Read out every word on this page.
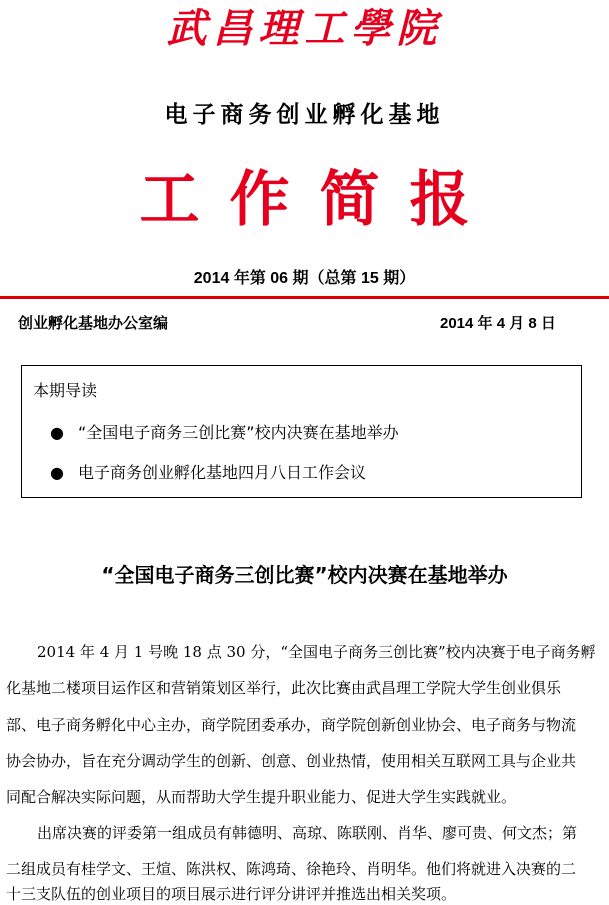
武昌理工學院
电子商务创业孵化基地
工作简报
2014 年第 06 期（总第 15 期）
创业孵化基地办公室编	2014 年 4 月 8 日
本期导读
● “全国电子商务三创比赛”校内决赛在基地举办
● 电子商务创业孵化基地四月八日工作会议
“全国电子商务三创比赛”校内决赛在基地举办
2014 年 4 月 1 号晚 18 点 30 分，“全国电子商务三创比赛”校内决赛于电子商务孵
化基地二楼项目运作区和营销策划区举行，此次比赛由武昌理工学院大学生创业俱乐
部、电子商务孵化中心主办，商学院团委承办，商学院创新创业协会、电子商务与物流
协会协办，旨在充分调动学生的创新、创意、创业热情，使用相关互联网工具与企业共
同配合解决实际问题，从而帮助大学生提升职业能力、促进大学生实践就业。
出席决赛的评委第一组成员有韩德明、高琼、陈联刚、肖华、廖可贵、何文杰；第
二组成员有桂学文、王煊、陈洪权、陈鸿琦、徐艳玲、肖明华。他们将就进入决赛的二
十三支队伍的创业项目的项目展示进行评分讲评并推选出相关奖项。
